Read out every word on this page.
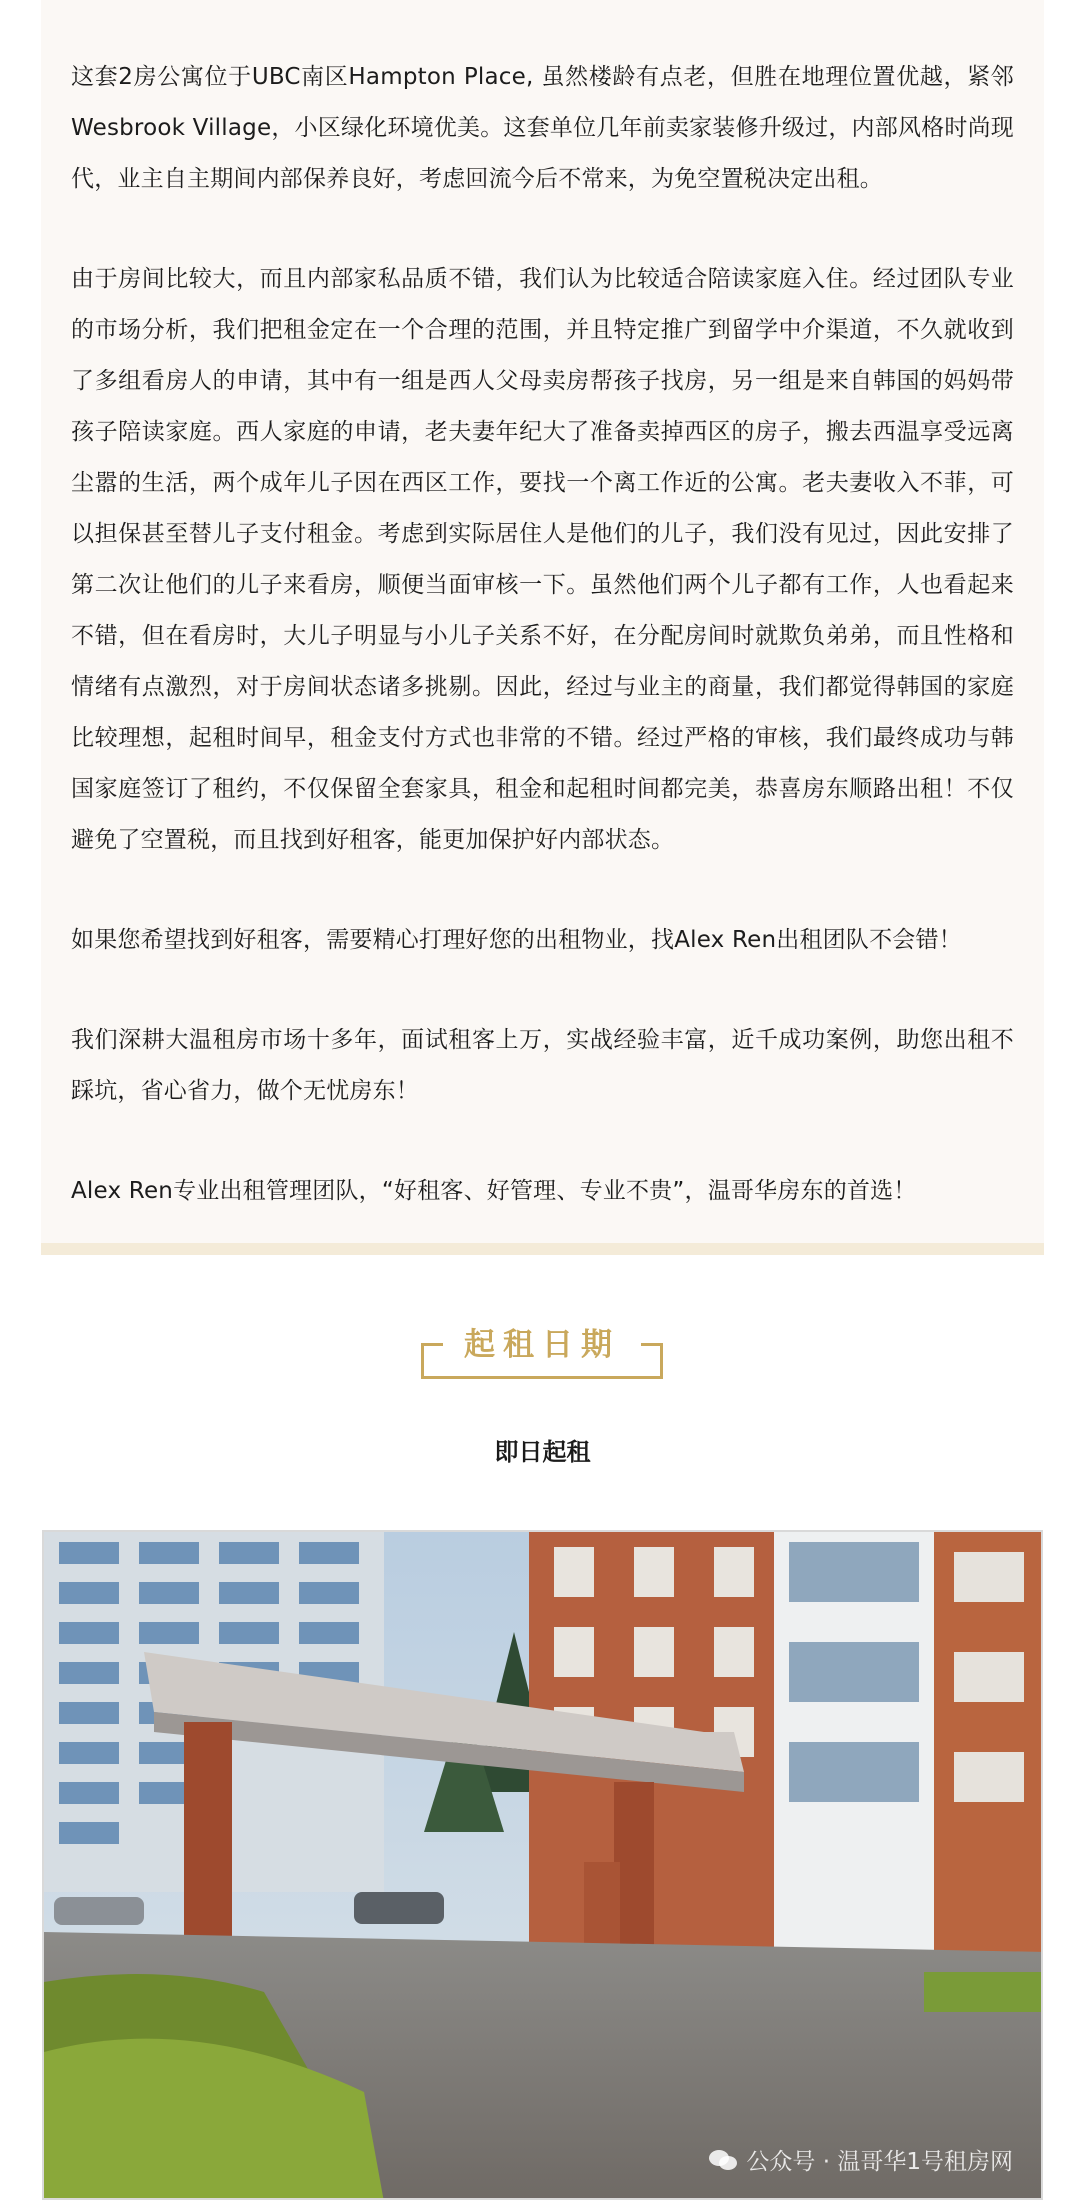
这套2房公寓位于UBC南区Hampton Place, 虽然楼龄有点老，但胜在地理位置优越，紧邻Wesbrook Village，小区绿化环境优美。这套单位几年前卖家装修升级过，内部风格时尚现代，业主自主期间内部保养良好，考虑回流今后不常来，为免空置税决定出租。

由于房间比较大，而且内部家私品质不错，我们认为比较适合陪读家庭入住。经过团队专业的市场分析，我们把租金定在一个合理的范围，并且特定推广到留学中介渠道，不久就收到了多组看房人的申请，其中有一组是西人父母卖房帮孩子找房，另一组是来自韩国的妈妈带孩子陪读家庭。西人家庭的申请，老夫妻年纪大了准备卖掉西区的房子，搬去西温享受远离尘嚣的生活，两个成年儿子因在西区工作，要找一个离工作近的公寓。老夫妻收入不菲，可以担保甚至替儿子支付租金。考虑到实际居住人是他们的儿子，我们没有见过，因此安排了第二次让他们的儿子来看房，顺便当面审核一下。虽然他们两个儿子都有工作，人也看起来不错，但在看房时，大儿子明显与小儿子关系不好，在分配房间时就欺负弟弟，而且性格和情绪有点激烈，对于房间状态诸多挑剔。因此，经过与业主的商量，我们都觉得韩国的家庭比较理想，起租时间早，租金支付方式也非常的不错。经过严格的审核，我们最终成功与韩国家庭签订了租约，不仅保留全套家具，租金和起租时间都完美，恭喜房东顺路出租！不仅避免了空置税，而且找到好租客，能更加保护好内部状态。

如果您希望找到好租客，需要精心打理好您的出租物业，找Alex Ren出租团队不会错！

我们深耕大温租房市场十多年，面试租客上万，实战经验丰富，近千成功案例，助您出租不踩坑，省心省力，做个无忧房东！

Alex Ren专业出租管理团队，“好租客、好管理、专业不贵”，温哥华房东的首选！

起租日期
即日起租
公众号 · 温哥华1号租房网
